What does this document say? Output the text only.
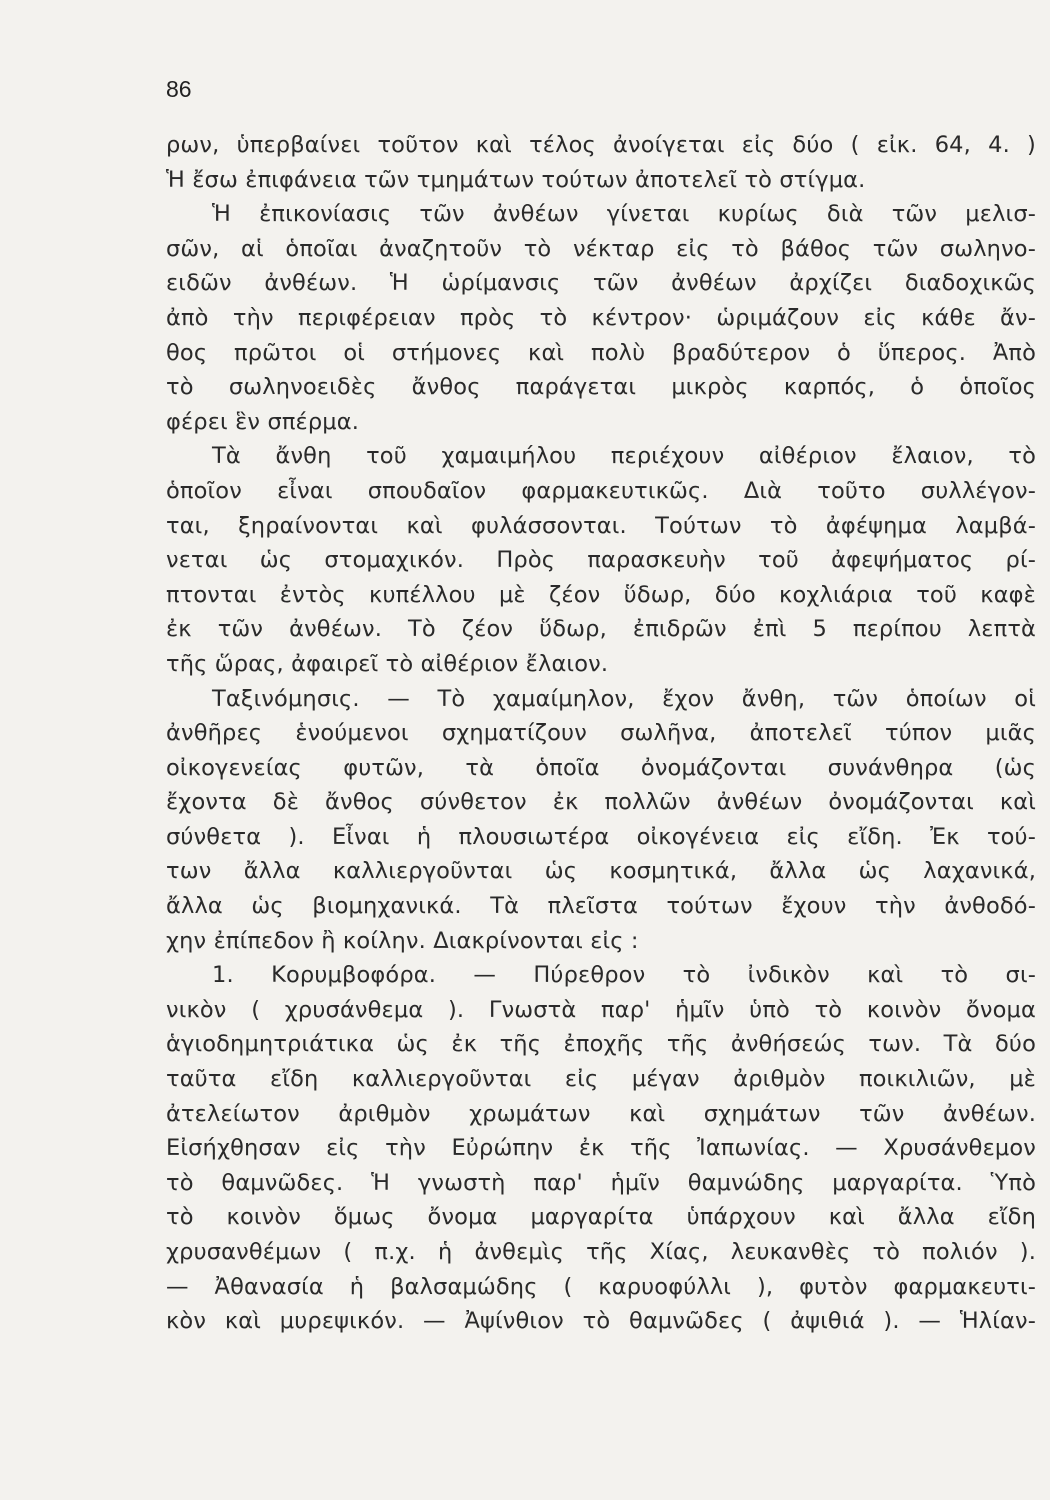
86
ρων, ὑπερβαίνει τοῦτον καὶ τέλος ἀνοίγεται εἰς δύο ( εἰκ. 64, 4. )
Ἡ ἔσω ἐπιφάνεια τῶν τμημάτων τούτων ἀποτελεῖ τὸ στίγμα.
Ἡ ἐπικονίασις τῶν ἀνθέων γίνεται κυρίως διὰ τῶν μελισ-
σῶν, αἱ ὁποῖαι ἀναζητοῦν τὸ νέκταρ εἰς τὸ βάθος τῶν σωληνο-
ειδῶν ἀνθέων. Ἡ ὡρίμανσις τῶν ἀνθέων ἀρχίζει διαδοχικῶς
ἀπὸ τὴν περιφέρειαν πρὸς τὸ κέντρον· ὡριμάζουν εἰς κάθε ἄν-
θος πρῶτοι οἱ στήμονες καὶ πολὺ βραδύτερον ὁ ὕπερος. Ἀπὸ
τὸ σωληνοειδὲς ἄνθος παράγεται μικρὸς καρπός, ὁ ὁποῖος
φέρει ἓν σπέρμα.
Τὰ ἄνθη τοῦ χαμαιμήλου περιέχουν αἰθέριον ἔλαιον, τὸ
ὁποῖον εἶναι σπουδαῖον φαρμακευτικῶς. Διὰ τοῦτο συλλέγον-
ται, ξηραίνονται καὶ φυλάσσονται. Τούτων τὸ ἀφέψημα λαμβά-
νεται ὡς στομαχικόν. Πρὸς παρασκευὴν τοῦ ἀφεψήματος ρί-
πτονται ἐντὸς κυπέλλου μὲ ζέον ὕδωρ, δύο κοχλιάρια τοῦ καφὲ
ἐκ τῶν ἀνθέων. Τὸ ζέον ὕδωρ, ἐπιδρῶν ἐπὶ 5 περίπου λεπτὰ
τῆς ὥρας, ἀφαιρεῖ τὸ αἰθέριον ἔλαιον.
Ταξινόμησις. — Τὸ χαμαίμηλον, ἔχον ἄνθη, τῶν ὁποίων οἱ
ἀνθῆρες ἑνούμενοι σχηματίζουν σωλῆνα, ἀποτελεῖ τύπον μιᾶς
οἰκογενείας φυτῶν, τὰ ὁποῖα ὀνομάζονται συνάνθηρα (ὡς
ἔχοντα δὲ ἄνθος σύνθετον ἐκ πολλῶν ἀνθέων ὀνομάζονται καὶ
σύνθετα ). Εἶναι ἡ πλουσιωτέρα οἰκογένεια εἰς εἴδη. Ἐκ τού-
των ἄλλα καλλιεργοῦνται ὡς κοσμητικά, ἄλλα ὡς λαχανικά,
ἄλλα ὡς βιομηχανικά. Τὰ πλεῖστα τούτων ἔχουν τὴν ἀνθοδό-
χην ἐπίπεδον ἢ κοίλην. Διακρίνονται εἰς :
1. Κορυμβοφόρα. — Πύρεθρον τὸ ἰνδικὸν καὶ τὸ σι-
νικὸν ( χρυσάνθεμα ). Γνωστὰ παρ' ἡμῖν ὑπὸ τὸ κοινὸν ὄνομα
ἁγιοδημητριάτικα ὡς ἐκ τῆς ἐποχῆς τῆς ἀνθήσεώς των. Τὰ δύο
ταῦτα εἴδη καλλιεργοῦνται εἰς μέγαν ἀριθμὸν ποικιλιῶν, μὲ
ἀτελείωτον ἀριθμὸν χρωμάτων καὶ σχημάτων τῶν ἀνθέων.
Εἰσήχθησαν εἰς τὴν Εὐρώπην ἐκ τῆς Ἰαπωνίας. — Χρυσάνθεμον
τὸ θαμνῶδες. Ἡ γνωστὴ παρ' ἡμῖν θαμνώδης μαργαρίτα. Ὑπὸ
τὸ κοινὸν ὅμως ὄνομα μαργαρίτα ὑπάρχουν καὶ ἄλλα εἴδη
χρυσανθέμων ( π.χ. ἡ ἀνθεμὶς τῆς Χίας, λευκανθὲς τὸ πολιόν ).
— Ἀθανασία ἡ βαλσαμώδης ( καρυοφύλλι ), φυτὸν φαρμακευτι-
κὸν καὶ μυρεψικόν. — Ἀψίνθιον τὸ θαμνῶδες ( ἀψιθιά ). — Ἡλίαν-
